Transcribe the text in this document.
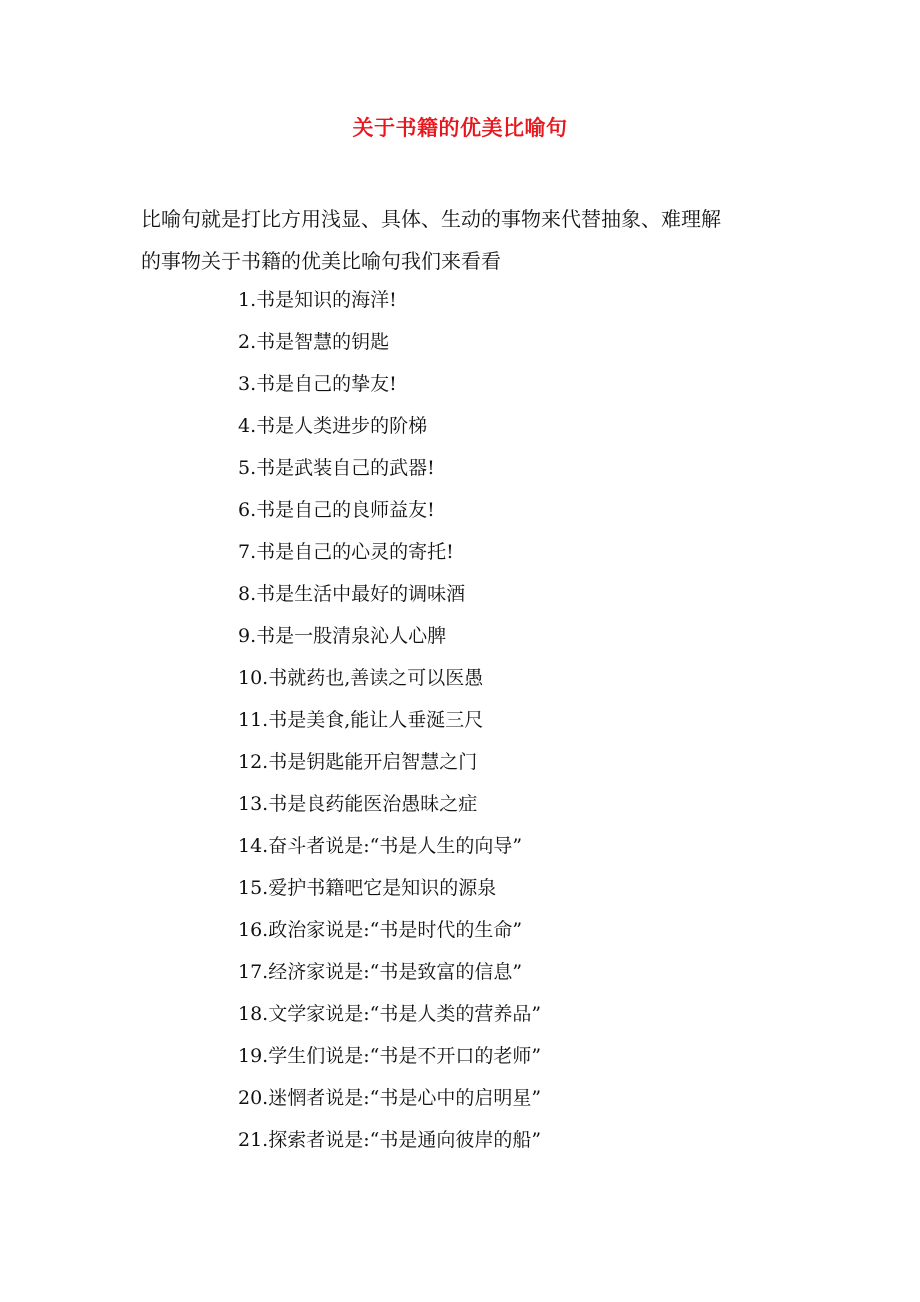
关于书籍的优美比喻句
比喻句就是打比方用浅显、具体、生动的事物来代替抽象、难理解
的事物关于书籍的优美比喻句我们来看看
1.书是知识的海洋!
2.书是智慧的钥匙
3.书是自己的挚友!
4.书是人类进步的阶梯
5.书是武装自己的武器!
6.书是自己的良师益友!
7.书是自己的心灵的寄托!
8.书是生活中最好的调味酒
9.书是一股清泉沁人心脾
10.书就药也,善读之可以医愚
11.书是美食,能让人垂涎三尺
12.书是钥匙能开启智慧之门
13.书是良药能医治愚昧之症
14.奋斗者说是:“书是人生的向导”
15.爱护书籍吧它是知识的源泉
16.政治家说是:“书是时代的生命”
17.经济家说是:“书是致富的信息”
18.文学家说是:“书是人类的营养品”
19.学生们说是:“书是不开口的老师”
20.迷惘者说是:“书是心中的启明星”
21.探索者说是:“书是通向彼岸的船”
